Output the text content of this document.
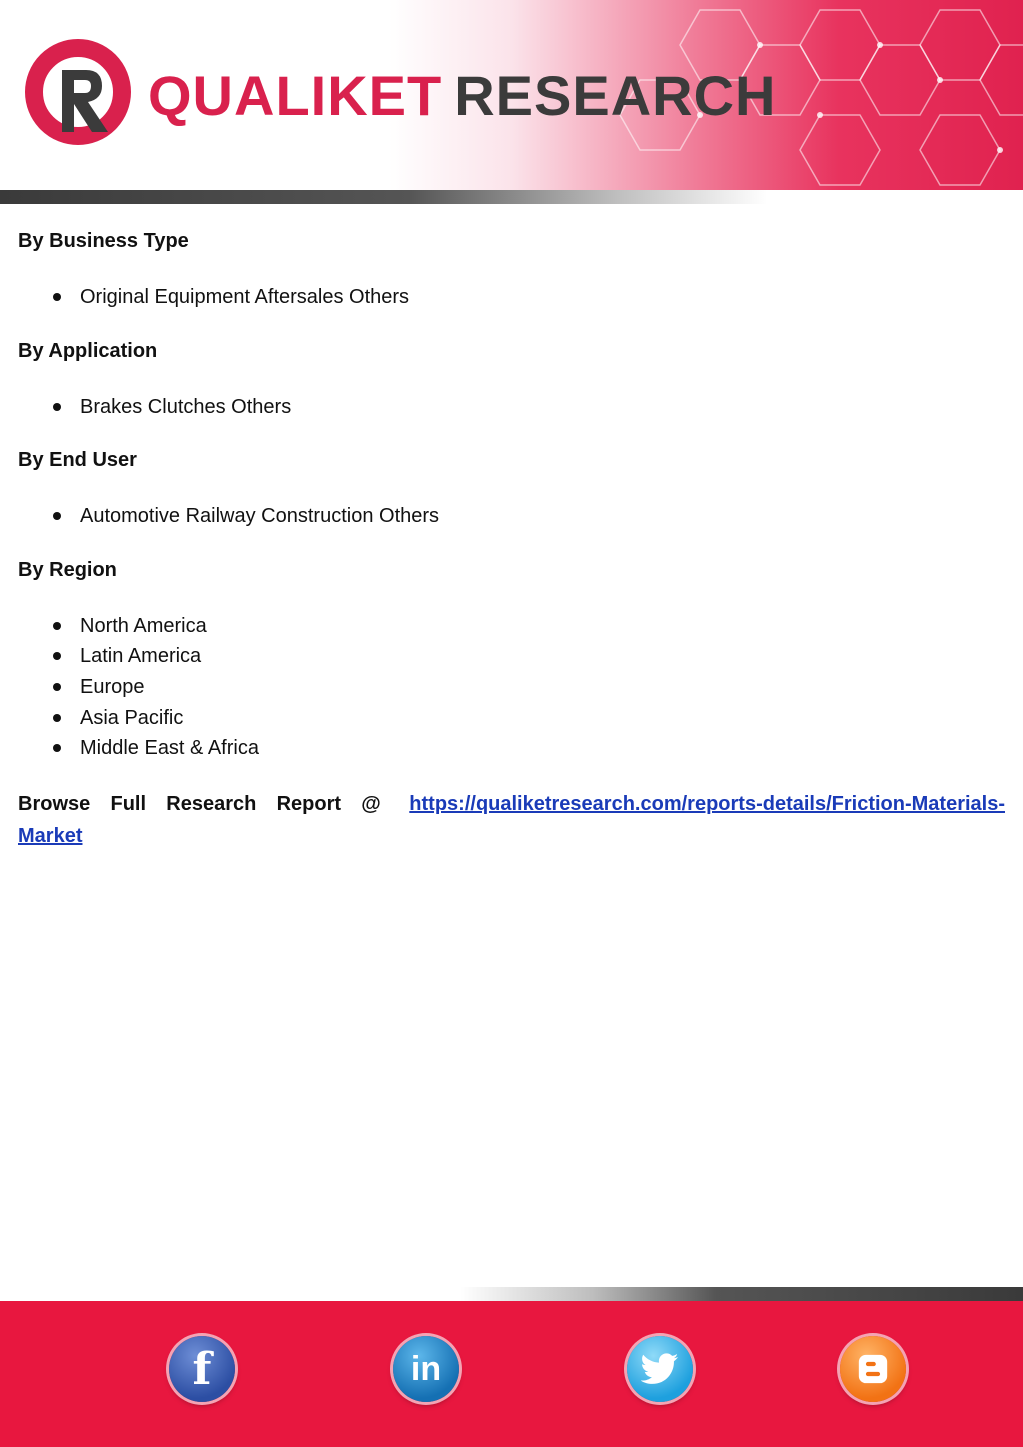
QUALIKET RESEARCH
By Business Type
Original Equipment Aftersales Others
By Application
Brakes Clutches Others
By End User
Automotive Railway Construction Others
By Region
North America
Latin America
Europe
Asia Pacific
Middle East & Africa
Browse Full Research Report @ https://qualiketresearch.com/reports-details/Friction-Materials-Market
f	in
